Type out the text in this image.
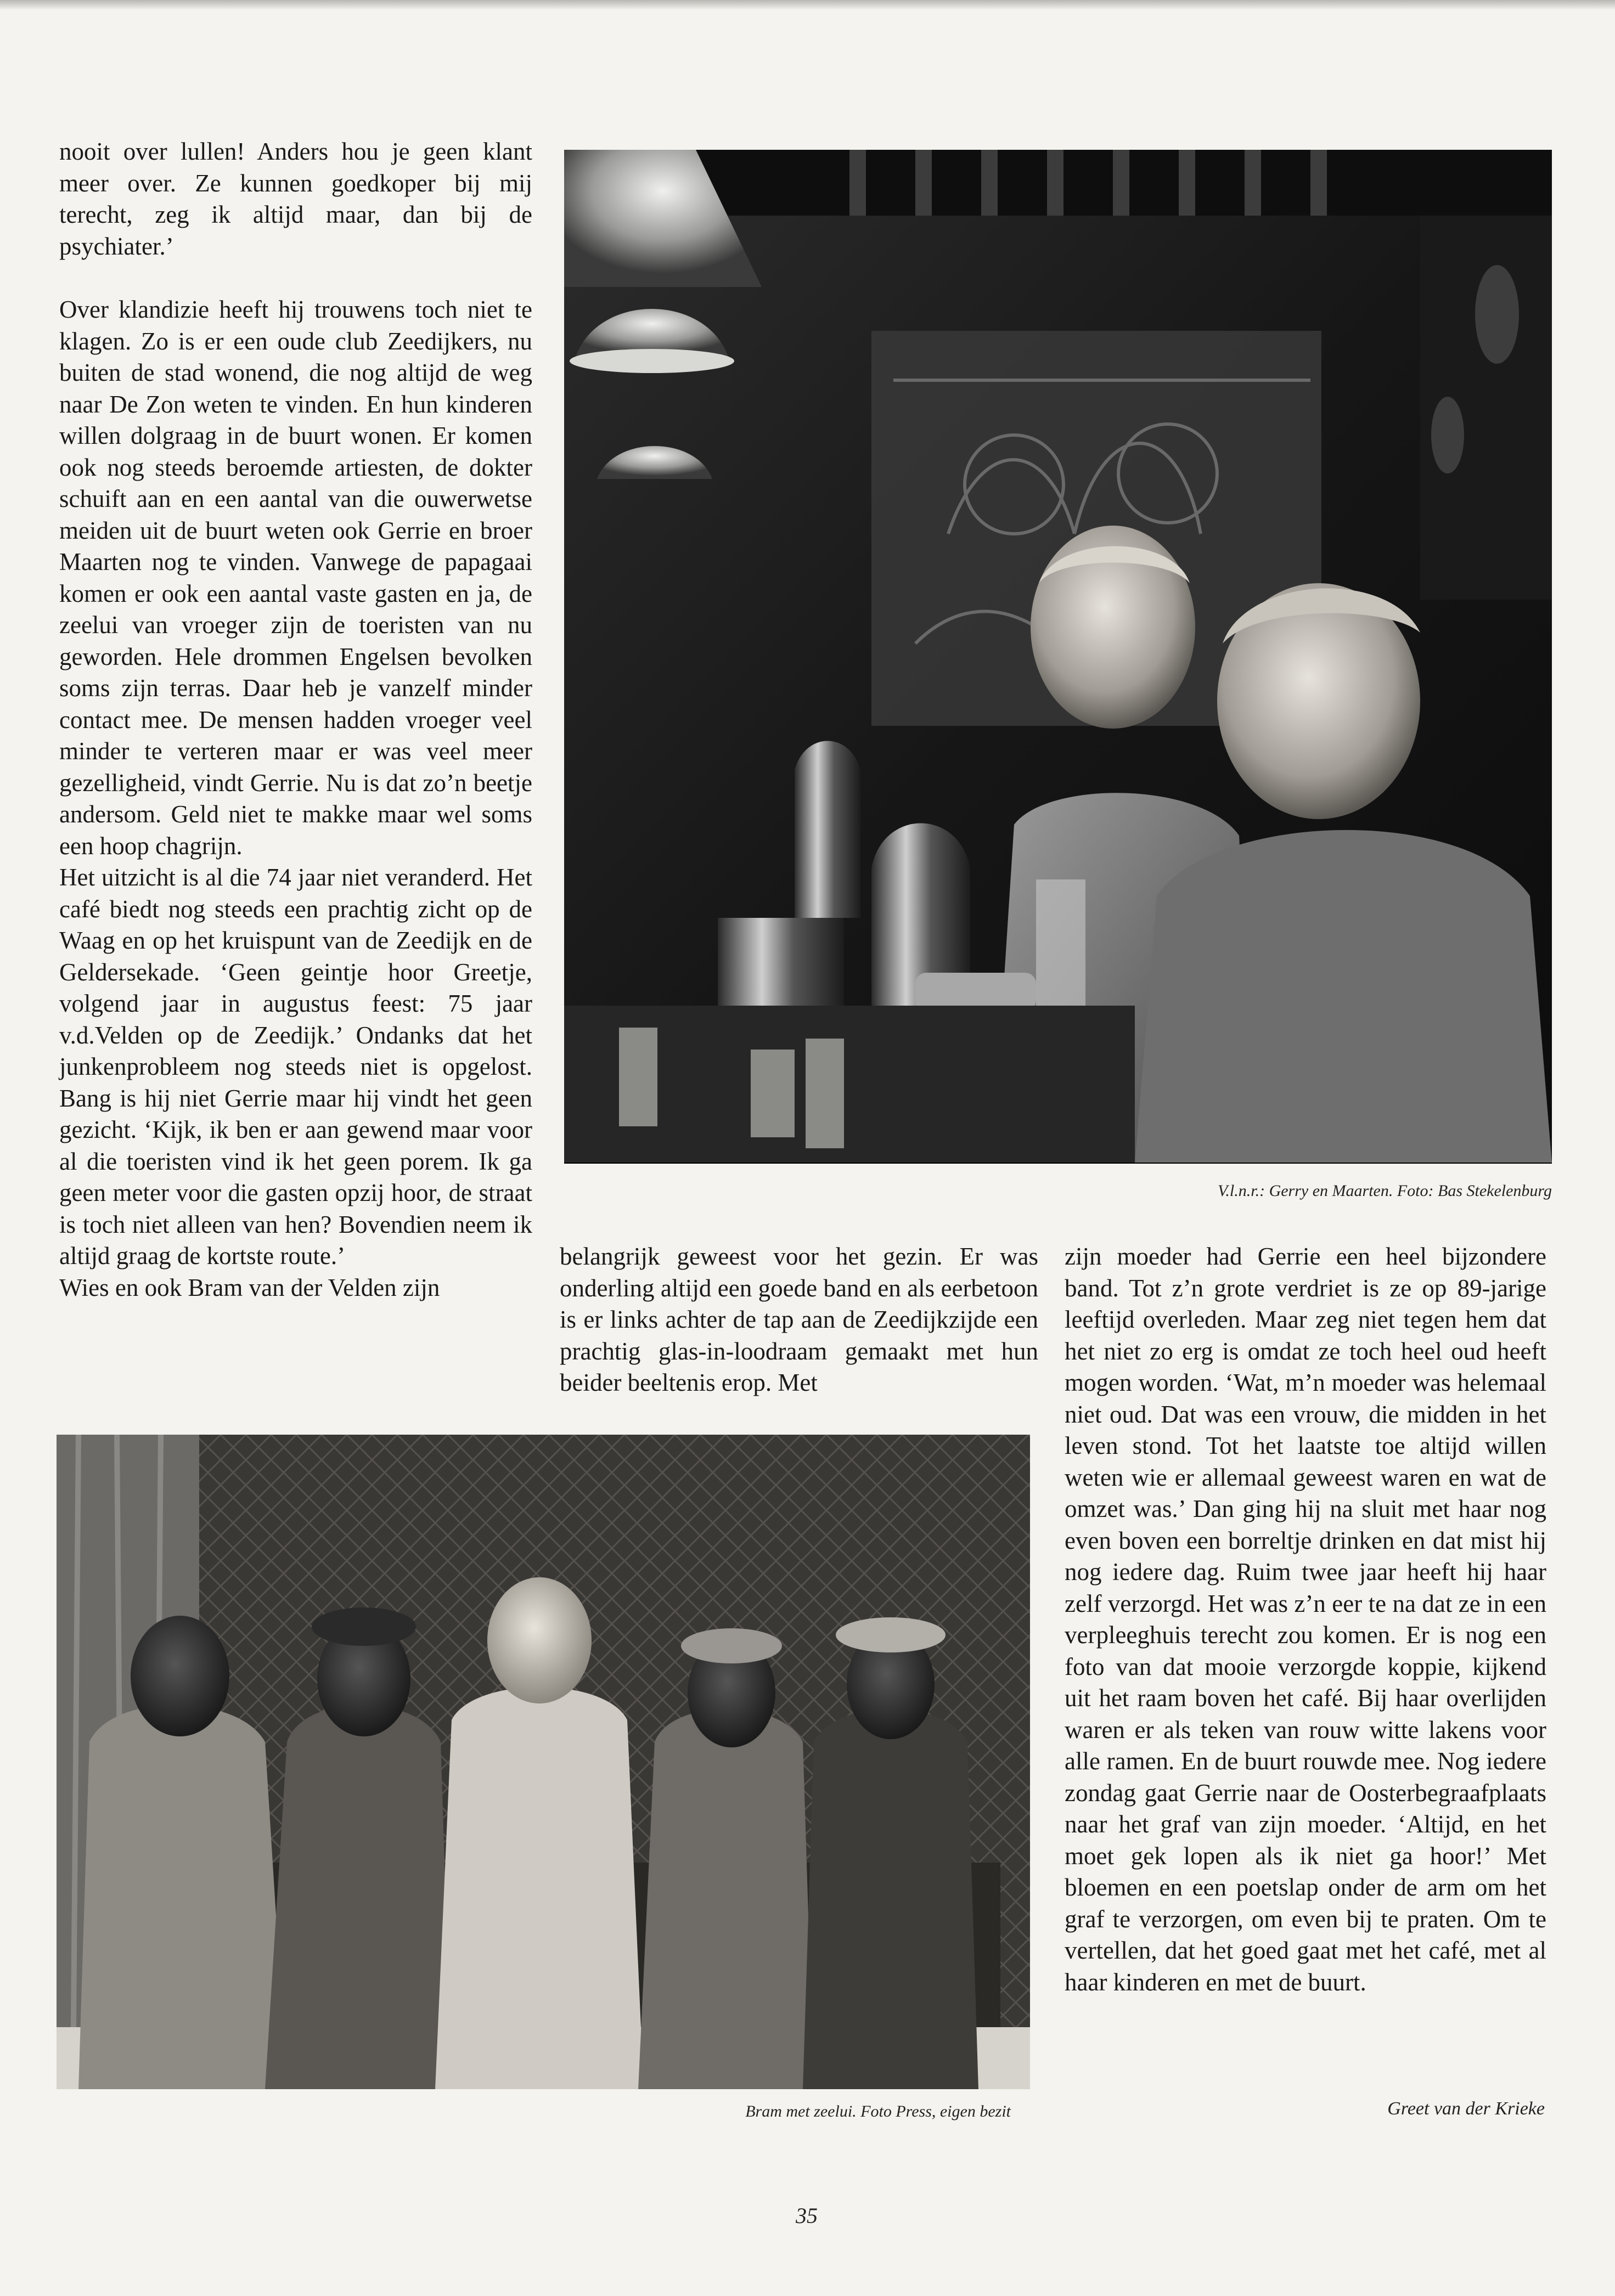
nooit over lullen! Anders hou je geen klant meer over. Ze kunnen goedkoper bij mij terecht, zeg ik altijd maar, dan bij de psychiater.’

Over klandizie heeft hij trouwens toch niet te klagen. Zo is er een oude club Zeedijkers, nu buiten de stad wonend, die nog altijd de weg naar De Zon weten te vinden. En hun kinderen willen dolgraag in de buurt wonen. Er komen ook nog steeds beroemde artiesten, de dokter schuift aan en een aantal van die ouwerwetse meiden uit de buurt weten ook Gerrie en broer Maarten nog te vinden. Vanwege de papagaai komen er ook een aantal vaste gasten en ja, de zeelui van vroeger zijn de toeristen van nu geworden. Hele drommen Engelsen bevolken soms zijn terras. Daar heb je vanzelf minder contact mee. De mensen hadden vroeger veel minder te verteren maar er was veel meer gezelligheid, vindt Gerrie. Nu is dat zo’n beetje andersom. Geld niet te makke maar wel soms een hoop chagrijn.

Het uitzicht is al die 74 jaar niet veranderd. Het café biedt nog steeds een prachtig zicht op de Waag en op het kruispunt van de Zeedijk en de Geldersekade. ‘Geen geintje hoor Greetje, volgend jaar in augustus feest: 75 jaar v.d.Velden op de Zeedijk.’ Ondanks dat het junkenprobleem nog steeds niet is opgelost. Bang is hij niet Gerrie maar hij vindt het geen gezicht. ‘Kijk, ik ben er aan gewend maar voor al die toeristen vind ik het geen porem. Ik ga geen meter voor die gasten opzij hoor, de straat is toch niet alleen van hen? Bovendien neem ik altijd graag de kortste route.’

Wies en ook Bram van der Velden zijn

V.l.n.r.: Gerry en Maarten. Foto: Bas Stekelenburg

belangrijk geweest voor het gezin. Er was onderling altijd een goede band en als eerbetoon is er links achter de tap aan de Zeedijkzijde een prachtig glas-in-loodraam gemaakt met hun beider beeltenis erop. Met

zijn moeder had Gerrie een heel bijzondere band. Tot z’n grote verdriet is ze op 89-jarige leeftijd overleden. Maar zeg niet tegen hem dat het niet zo erg is omdat ze toch heel oud heeft mogen worden. ‘Wat, m’n moeder was helemaal niet oud. Dat was een vrouw, die midden in het leven stond. Tot het laatste toe altijd willen weten wie er allemaal geweest waren en wat de omzet was.’ Dan ging hij na sluit met haar nog even boven een borreltje drinken en dat mist hij nog iedere dag. Ruim twee jaar heeft hij haar zelf verzorgd. Het was z’n eer te na dat ze in een verpleeghuis terecht zou komen. Er is nog een foto van dat mooie verzorgde koppie, kijkend uit het raam boven het café. Bij haar overlijden waren er als teken van rouw witte lakens voor alle ramen. En de buurt rouwde mee. Nog iedere zondag gaat Gerrie naar de Oosterbegraafplaats naar het graf van zijn moeder. ‘Altijd, en het moet gek lopen als ik niet ga hoor!’ Met bloemen en een poetslap onder de arm om het graf te verzorgen, om even bij te praten. Om te vertellen, dat het goed gaat met het café, met al haar kinderen en met de buurt.

Bram met zeelui. Foto Press, eigen bezit	Greet van der Krieke
35
